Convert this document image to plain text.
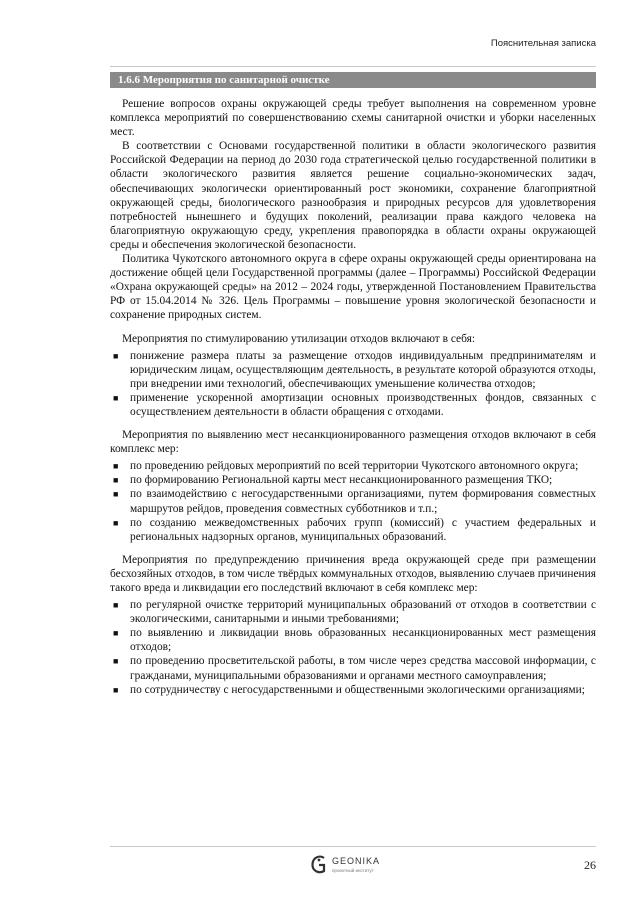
Пояснительная записка
1.6.6 Мероприятия по санитарной очистке

Решение вопросов охраны окружающей среды требует выполнения на современном уровне комплекса мероприятий по совершенствованию схемы санитарной очистки и уборки населенных мест.

В соответствии с Основами государственной политики в области экологического развития Российской Федерации на период до 2030 года стратегической целью государственной политики в области экологического развития является решение социально-экономических задач, обеспечивающих экологически ориентированный рост экономики, сохранение благоприятной окружающей среды, биологического разнообразия и природных ресурсов для удовлетворения потребностей нынешнего и будущих поколений, реализации права каждого человека на благоприятную окружающую среду, укрепления правопорядка в области охраны окружающей среды и обеспечения экологической безопасности.

Политика Чукотского автономного округа в сфере охраны окружающей среды ориентирована на достижение общей цели Государственной программы (далее – Программы) Российской Федерации «Охрана окружающей среды» на 2012 – 2024 годы, утвержденной Постановлением Правительства РФ от 15.04.2014 № 326. Цель Программы – повышение уровня экологической безопасности и сохранение природных систем.

Мероприятия по стимулированию утилизации отходов включают в себя:

■ понижение размера платы за размещение отходов индивидуальным предпринимателям и юридическим лицам, осуществляющим деятельность, в результате которой образуются отходы, при внедрении ими технологий, обеспечивающих уменьшение количества отходов;
■ применение ускоренной амортизации основных производственных фондов, связанных с осуществлением деятельности в области обращения с отходами.

Мероприятия по выявлению мест несанкционированного размещения отходов включают в себя комплекс мер:

■ по проведению рейдовых мероприятий по всей территории Чукотского автономного округа;
■ по формированию Региональной карты мест несанкционированного размещения ТКО;
■ по взаимодействию с негосударственными организациями, путем формирования совместных маршрутов рейдов, проведения совместных субботников и т.п.;
■ по созданию межведомственных рабочих групп (комиссий) с участием федеральных и региональных надзорных органов, муниципальных образований.

Мероприятия по предупреждению причинения вреда окружающей среде при размещении бесхозяйных отходов, в том числе твёрдых коммунальных отходов, выявлению случаев причинения такого вреда и ликвидации его последствий включают в себя комплекс мер:

■ по регулярной очистке территорий муниципальных образований от отходов в соответствии с экологическими, санитарными и иными требованиями;
■ по выявлению и ликвидации вновь образованных несанкционированных мест размещения отходов;
■ по проведению просветительской работы, в том числе через средства массовой информации, с гражданами, муниципальными образованиями и органами местного самоуправления;
■ по сотрудничеству с негосударственными и общественными экологическими организациями;
GEONIKA
проектный институт	26
